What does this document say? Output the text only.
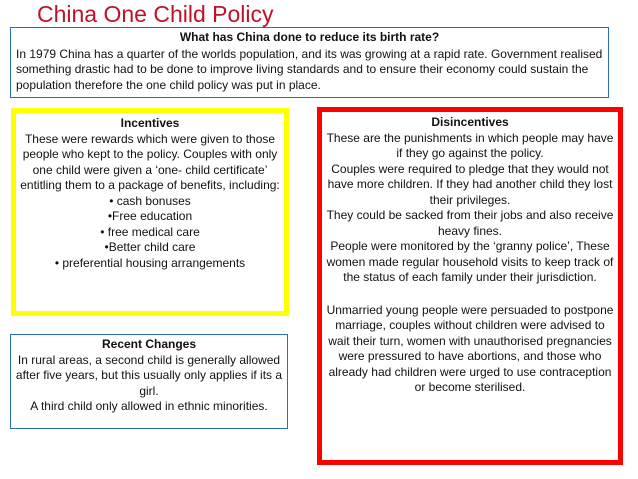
China One Child Policy
What has China done to reduce its birth rate?
In 1979 China has a quarter of the worlds population, and its was growing at a rapid rate. Government realised something drastic had to be done to improve living standards and to ensure their economy could sustain the population therefore the one child policy was put in place.
Incentives
These were rewards which were given to those people who kept to the policy. Couples with only one child were given a ‘one- child certificate’ entitling them to a package of benefits, including:
• cash bonuses
•Free education
• free medical care
•Better child care
• preferential housing arrangements
Recent Changes
In rural areas, a second child is generally allowed after five years, but this usually only applies if its a girl.
A third child only allowed in ethnic minorities.
Disincentives
These are the punishments in which people may have if they go against the policy.
Couples were required to pledge that they would not have more children. If they had another child they lost their privileges.
They could be sacked from their jobs and also receive heavy fines.
People were monitored by the ‘granny police’, These women made regular household visits to keep track of the status of each family under their jurisdiction.
Unmarried young people were persuaded to postpone marriage, couples without children were advised to wait their turn, women with unauthorised pregnancies were pressured to have abortions, and those who already had children were urged to use contraception or become sterilised.
